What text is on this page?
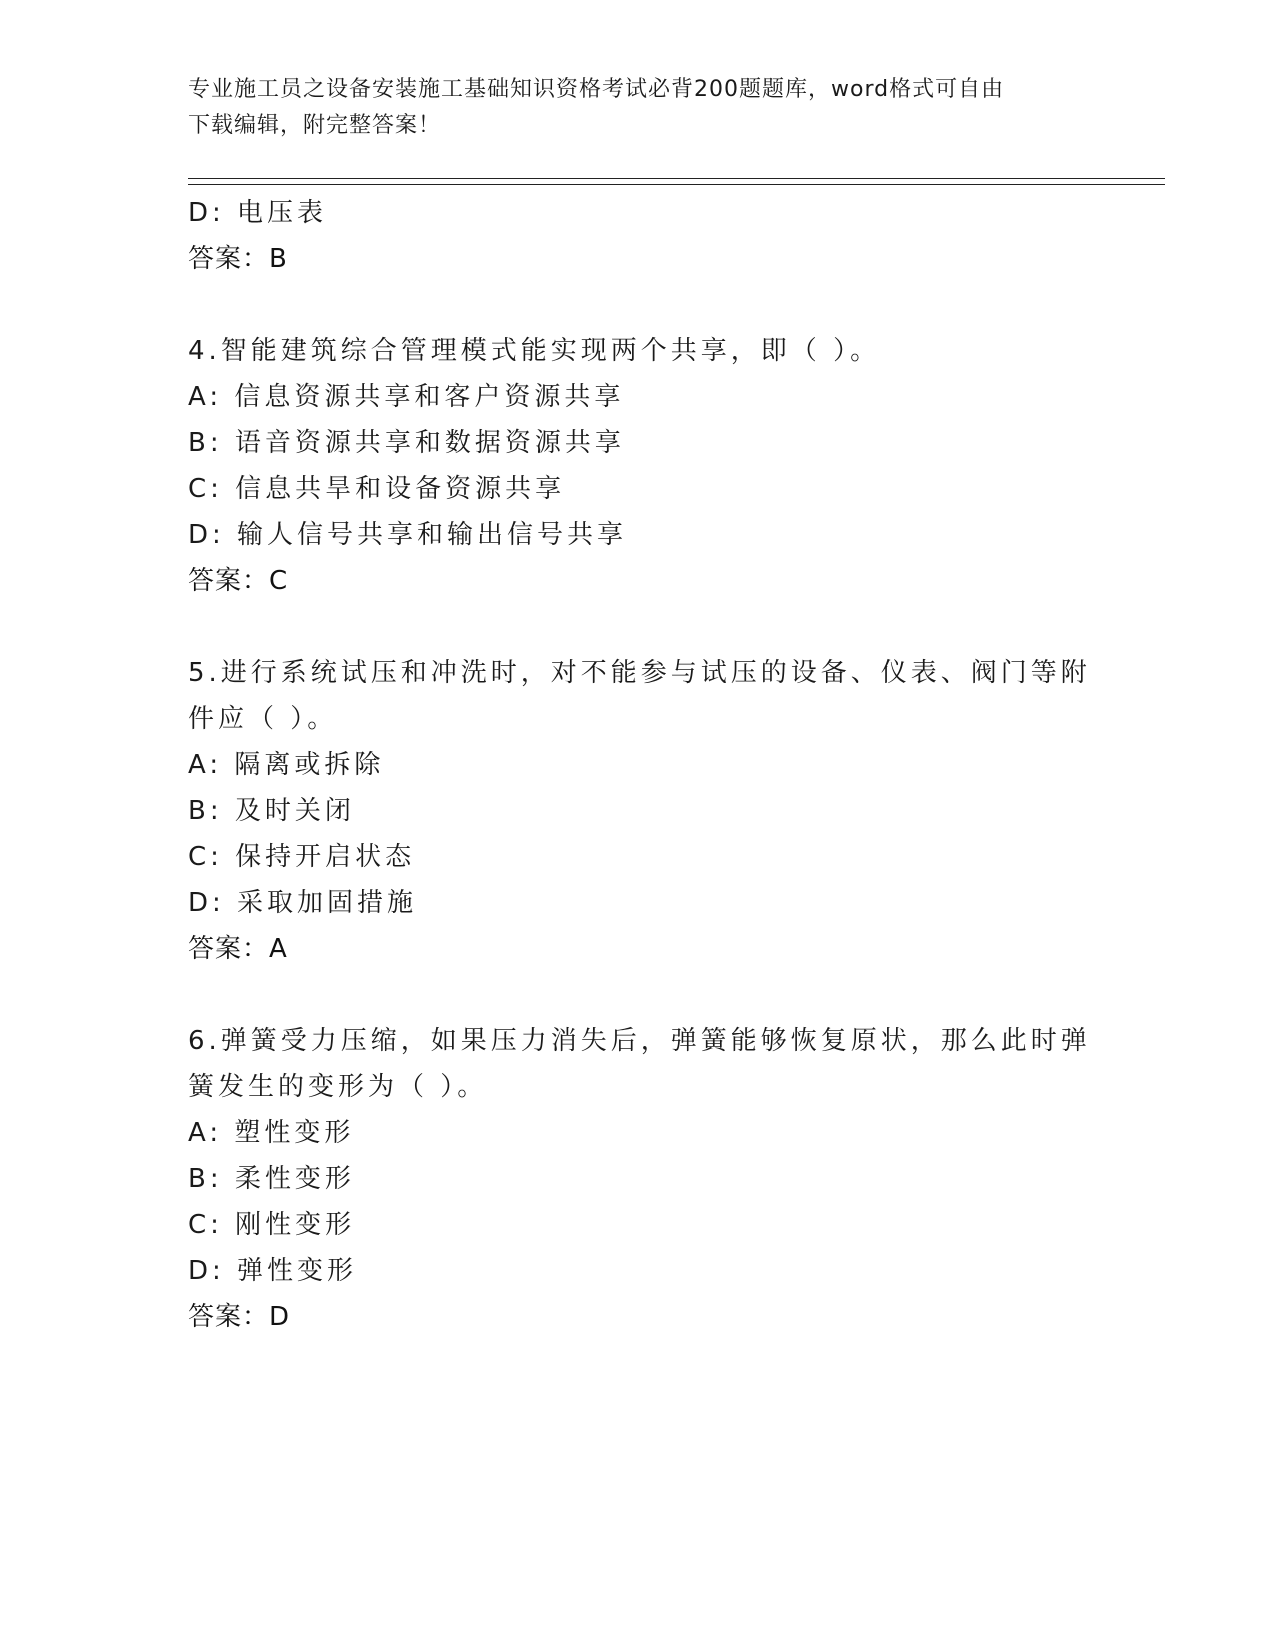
专业施工员之设备安装施工基础知识资格考试必背200题题库，word格式可自由
下载编辑，附完整答案！
D: 电压表
答案：B
4.智能建筑综合管理模式能实现两个共享，即（ ）。
A: 信息资源共享和客户资源共享
B: 语音资源共享和数据资源共享
C: 信息共旱和设备资源共享
D: 输人信号共享和输出信号共享
答案：C
5.进行系统试压和冲洗时，对不能参与试压的设备、仪表、阀门等附
件应（ ）。
A: 隔离或拆除
B: 及时关闭
C: 保持开启状态
D: 采取加固措施
答案：A
6.弹簧受力压缩，如果压力消失后，弹簧能够恢复原状，那么此时弹
簧发生的变形为（ ）。
A: 塑性变形
B: 柔性变形
C: 刚性变形
D: 弹性变形
答案：D
